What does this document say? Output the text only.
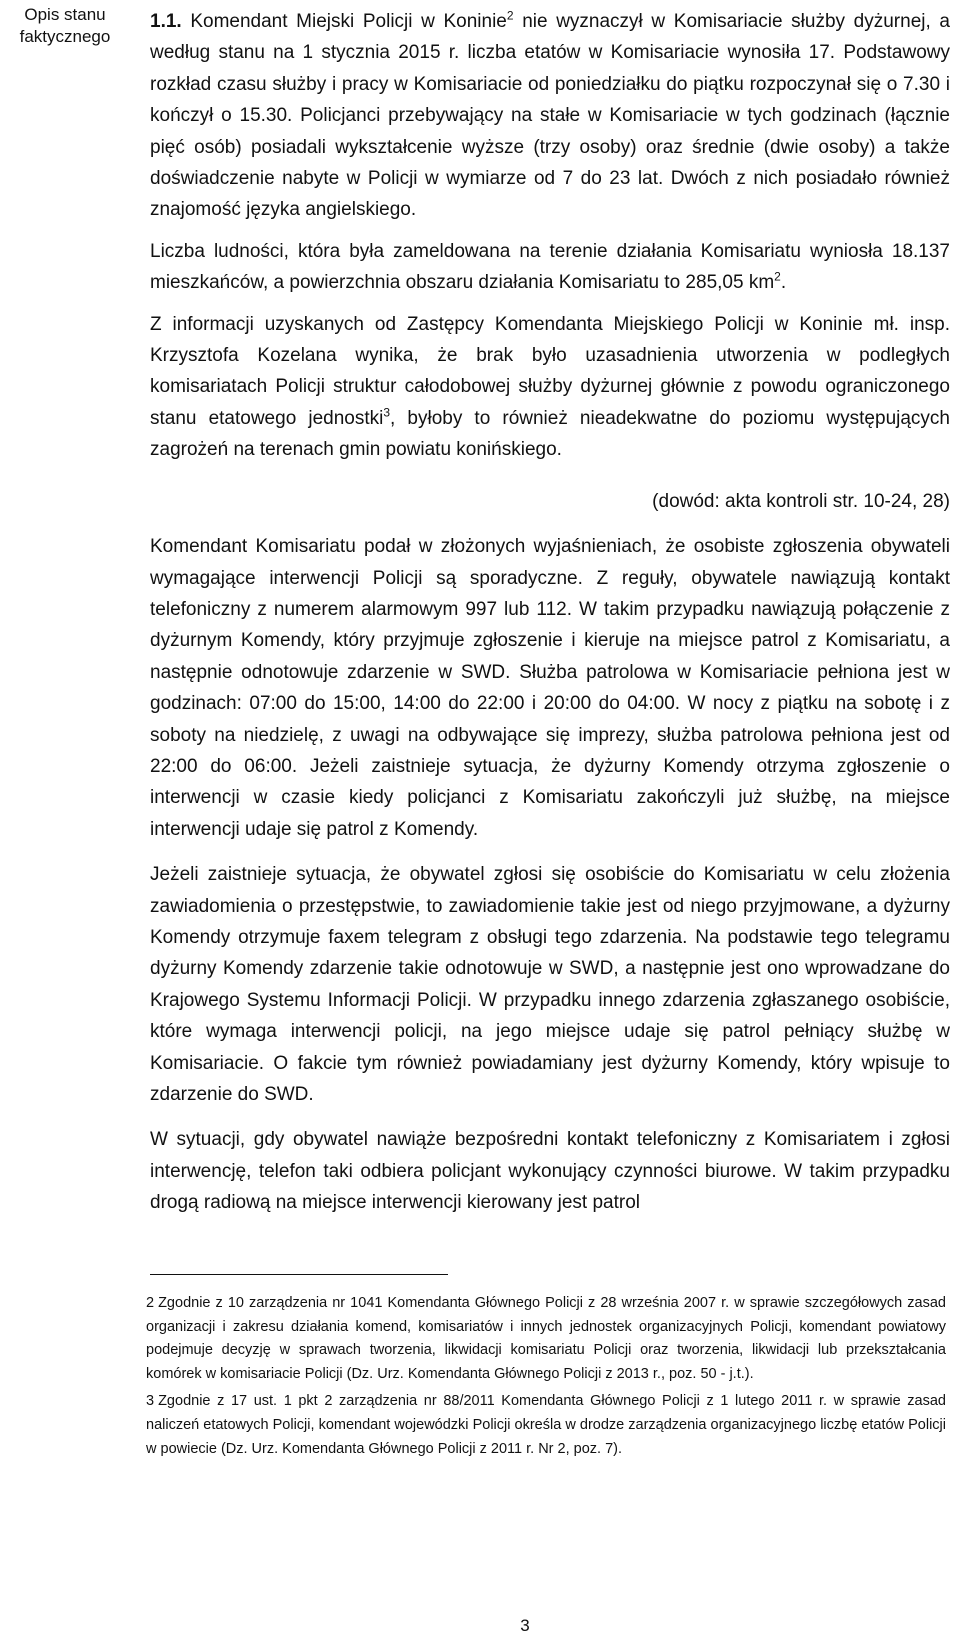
Opis stanu faktycznego

1.1. Komendant Miejski Policji w Koninie$^2$ nie wyznaczył w Komisariacie służby dyżurnej, a według stanu na 1 stycznia 2015 r. liczba etatów w Komisariacie wynosiła 17. Podstawowy rozkład czasu służby i pracy w Komisariacie od poniedziałku do piątku rozpoczynał się o 7.30 i kończył o 15.30. Policjanci przebywający na stałe w Komisariacie w tych godzinach (łącznie pięć osób) posiadali wykształcenie wyższe (trzy osoby) oraz średnie (dwie osoby) a także doświadczenie nabyte w Policji w wymiarze od 7 do 23 lat. Dwóch z nich posiadało również znajomość języka angielskiego.

Liczba ludności, która była zameldowana na terenie działania Komisariatu wyniosła 18.137 mieszkańców, a powierzchnia obszaru działania Komisariatu to 285,05 $km^2$.

Z informacji uzyskanych od Zastępcy Komendanta Miejskiego Policji w Koninie mł. insp. Krzysztofa Kozelana wynika, że brak było uzasadnienia utworzenia w podległych komisariatach Policji struktur całodobowej służby dyżurnej głównie z powodu ograniczonego stanu etatowego jednostki$^3$, byłoby to również nieadekwatne do poziomu występujących zagrożeń na terenach gmin powiatu konińskiego.

(dowód: akta kontroli str. 10-24, 28)

Komendant Komisariatu podał w złożonych wyjaśnieniach, że osobiste zgłoszenia obywateli wymagające interwencji Policji są sporadyczne. Z reguły, obywatele nawiązują kontakt telefoniczny z numerem alarmowym 997 lub 112. W takim przypadku nawiązują połączenie z dyżurnym Komendy, który przyjmuje zgłoszenie i kieruje na miejsce patrol z Komisariatu, a następnie odnotowuje zdarzenie w SWD. Służba patrolowa w Komisariacie pełniona jest w godzinach: 07:00 do 15:00, 14:00 do 22:00 i 20:00 do 04:00. W nocy z piątku na sobotę i z soboty na niedzielę, z uwagi na odbywające się imprezy, służba patrolowa pełniona jest od 22:00 do 06:00. Jeżeli zaistnieje sytuacja, że dyżurny Komendy otrzyma zgłoszenie o interwencji w czasie kiedy policjanci z Komisariatu zakończyli już służbę, na miejsce interwencji udaje się patrol z Komendy.

Jeżeli zaistnieje sytuacja, że obywatel zgłosi się osobiście do Komisariatu w celu złożenia zawiadomienia o przestępstwie, to zawiadomienie takie jest od niego przyjmowane, a dyżurny Komendy otrzymuje faxem telegram z obsługi tego zdarzenia. Na podstawie tego telegramu dyżurny Komendy zdarzenie takie odnotowuje w SWD, a następnie jest ono wprowadzane do Krajowego Systemu Informacji Policji. W przypadku innego zdarzenia zgłaszanego osobiście, które wymaga interwencji policji, na jego miejsce udaje się patrol pełniący służbę w Komisariacie. O fakcie tym również powiadamiany jest dyżurny Komendy, który wpisuje to zdarzenie do SWD.

W sytuacji, gdy obywatel nawiąże bezpośredni kontakt telefoniczny z Komisariatem i zgłosi interwencję, telefon taki odbiera policjant wykonujący czynności biurowe. W takim przypadku drogą radiową na miejsce interwencji kierowany jest patrol

2 Zgodnie z 10 zarządzenia nr 1041 Komendanta Głównego Policji z 28 września 2007 r. w sprawie szczegółowych zasad organizacji i zakresu działania komend, komisariatów i innych jednostek organizacyjnych Policji, komendant powiatowy podejmuje decyzję w sprawach tworzenia, likwidacji komisariatu Policji oraz tworzenia, likwidacji lub przekształcania komórek w komisariacie Policji (Dz. Urz. Komendanta Głównego Policji z 2013 r., poz. 50 - j.t.).

3 Zgodnie z 17 ust. 1 pkt 2 zarządzenia nr 88/2011 Komendanta Głównego Policji z 1 lutego 2011 r. w sprawie zasad naliczeń etatowych Policji, komendant wojewódzki Policji określa w drodze zarządzenia organizacyjnego liczbę etatów Policji w powiecie (Dz. Urz. Komendanta Głównego Policji z 2011 r. Nr 2, poz. 7).

3
